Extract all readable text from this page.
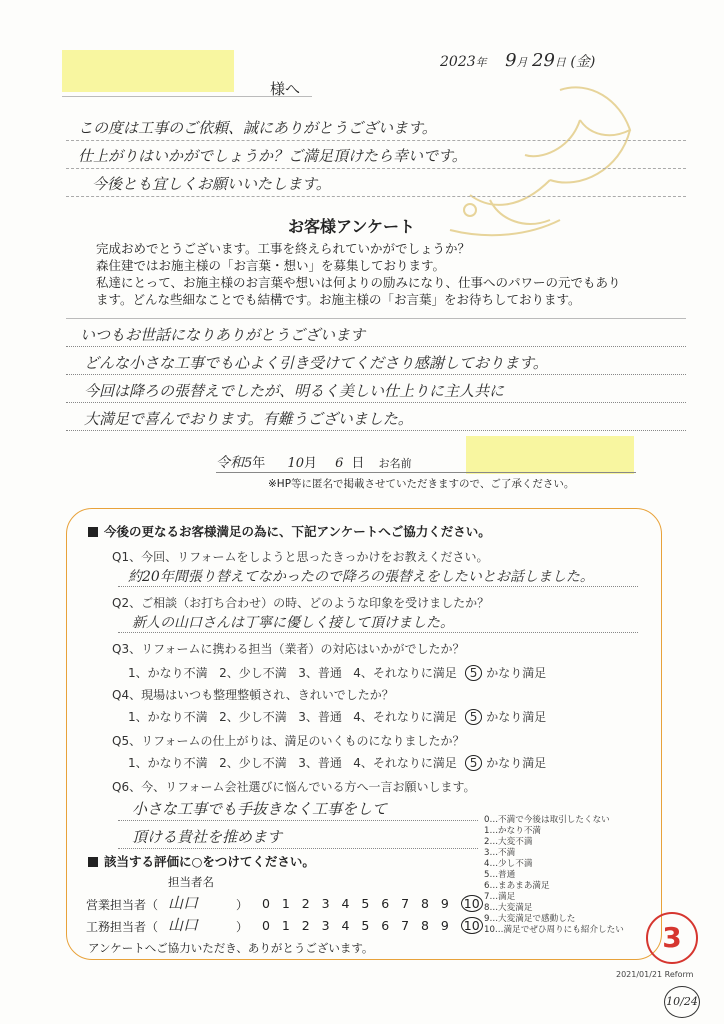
2023年 9月 29日 (金)
様へ
この度は工事のご依頼、誠にありがとうございます。
仕上がりはいかがでしょうか？ご満足頂けたら幸いです。
今後とも宜しくお願いいたします。
お客様アンケート
完成おめでとうございます。工事を終えられていかがでしょうか？
森住建ではお施主様の「お言葉・想い」を募集しております。
私達にとって、お施主様のお言葉や想いは何よりの励みになり、仕事へのパワーの元でもあり
ます。どんな些細なことでも結構です。お施主様の「お言葉」をお待ちしております。
いつもお世話になりありがとうございます
どんな小さな工事でも心よく引き受けてくださり感謝しております。
今回は降ろの張替えでしたが、明るく美しい仕上りに主人共に
大満足で喜んでおります。有難うございました。
令和5年 10月 6 日 お名前
※HP等に匿名で掲載させていただきますので、ご了承ください。
今後の更なるお客様満足の為に、下記アンケートへご協力ください。
Q1、今回、リフォームをしようと思ったきっかけをお教えください。
約20年間張り替えてなかったので降ろの張替えをしたいとお話しました。
Q2、ご相談（お打ち合わせ）の時、どのような印象を受けましたか？
新人の山口さんは丁寧に優しく接して頂けました。
Q3、リフォームに携わる担当（業者）の対応はいかがでしたか？
1、かなり不満 2、少し不満 3、普通 4、それなりに満足 5 かなり満足
Q4、現場はいつも整理整頓され、きれいでしたか？
1、かなり不満 2、少し不満 3、普通 4、それなりに満足 5 かなり満足
Q5、リフォームの仕上がりは、満足のいくものになりましたか？
1、かなり不満 2、少し不満 3、普通 4、それなりに満足 5 かなり満足
Q6、今、リフォーム会社選びに悩んでいる方へ一言お願いします。
小さな工事でも手抜きなく工事をして
頂ける貴社を推めます
0…不満で今後は取引したくない
1…かなり不満
2…大変不満
3…不満
4…少し不満
5…普通
6…まあまあ満足
7…満足
8…大変満足
9…大変満足で感動した
10…満足でぜひ周りにも紹介したい
該当する評価に○をつけてください。
担当者名
営業担当者（ 山口	） 0 1 2 3 4 5 6 7 8 9 10
工務担当者（ 山口	） 0 1 2 3 4 5 6 7 8 9 10
アンケートへご協力いただき、ありがとうございます。	3
2021/01/21 Reform
10/24
